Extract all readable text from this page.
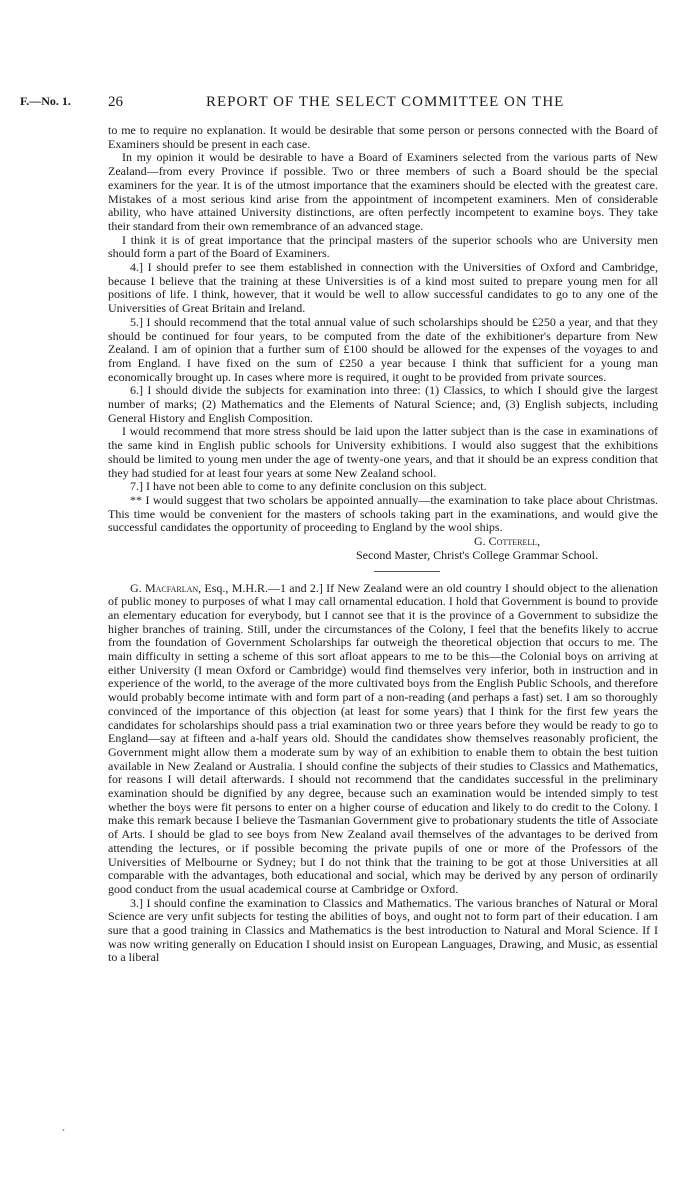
F.—No. 1. 26	REPORT OF THE SELECT COMMITTEE ON THE

to me to require no explanation. It would be desirable that some person or persons connected with the Board of Examiners should be present in each case.

In my opinion it would be desirable to have a Board of Examiners selected from the various parts of New Zealand—from every Province if possible. Two or three members of such a Board should be the special examiners for the year. It is of the utmost importance that the examiners should be elected with the greatest care. Mistakes of a most serious kind arise from the appointment of incompetent examiners. Men of considerable ability, who have attained University distinctions, are often perfectly incompetent to examine boys. They take their standard from their own remembrance of an advanced stage.

I think it is of great importance that the principal masters of the superior schools who are University men should form a part of the Board of Examiners.

4.] I should prefer to see them established in connection with the Universities of Oxford and Cambridge, because I believe that the training at these Universities is of a kind most suited to prepare young men for all positions of life. I think, however, that it would be well to allow successful candidates to go to any one of the Universities of Great Britain and Ireland.

5.] I should recommend that the total annual value of such scholarships should be £250 a year, and that they should be continued for four years, to be computed from the date of the exhibitioner's departure from New Zealand. I am of opinion that a further sum of £100 should be allowed for the expenses of the voyages to and from England. I have fixed on the sum of £250 a year because I think that sufficient for a young man economically brought up. In cases where more is required, it ought to be provided from private sources.

6.] I should divide the subjects for examination into three: (1) Classics, to which I should give the largest number of marks; (2) Mathematics and the Elements of Natural Science; and, (3) English subjects, including General History and English Composition.

I would recommend that more stress should be laid upon the latter subject than is the case in examinations of the same kind in English public schools for University exhibitions. I would also suggest that the exhibitions should be limited to young men under the age of twenty-one years, and that it should be an express condition that they had studied for at least four years at some New Zealand school.

7.] I have not been able to come to any definite conclusion on this subject.

** I would suggest that two scholars be appointed annually—the examination to take place about Christmas. This time would be convenient for the masters of schools taking part in the examinations, and would give the successful candidates the opportunity of proceeding to England by the wool ships.

G. Cotterell,

Second Master, Christ's College Grammar School.

G. Macfarlan, Esq., M.H.R.—1 and 2.] If New Zealand were an old country I should object to the alienation of public money to purposes of what I may call ornamental education. I hold that Government is bound to provide an elementary education for everybody, but I cannot see that it is the province of a Government to subsidize the higher branches of training. Still, under the circumstances of the Colony, I feel that the benefits likely to accrue from the foundation of Government Scholarships far outweigh the theoretical objection that occurs to me. The main difficulty in setting a scheme of this sort afloat appears to me to be this—the Colonial boys on arriving at either University (I mean Oxford or Cambridge) would find themselves very inferior, both in instruction and in experience of the world, to the average of the more cultivated boys from the English Public Schools, and therefore would probably become intimate with and form part of a non-reading (and perhaps a fast) set. I am so thoroughly convinced of the importance of this objection (at least for some years) that I think for the first few years the candidates for scholarships should pass a trial examination two or three years before they would be ready to go to England—say at fifteen and a-half years old. Should the candidates show themselves reasonably proficient, the Government might allow them a moderate sum by way of an exhibition to enable them to obtain the best tuition available in New Zealand or Australia. I should confine the subjects of their studies to Classics and Mathematics, for reasons I will detail afterwards. I should not recommend that the candidates successful in the preliminary examination should be dignified by any degree, because such an examination would be intended simply to test whether the boys were fit persons to enter on a higher course of education and likely to do credit to the Colony. I make this remark because I believe the Tasmanian Government give to probationary students the title of Associate of Arts. I should be glad to see boys from New Zealand avail themselves of the advantages to be derived from attending the lectures, or if possible becoming the private pupils of one or more of the Professors of the Universities of Melbourne or Sydney; but I do not think that the training to be got at those Universities at all comparable with the advantages, both educational and social, which may be derived by any person of ordinarily good conduct from the usual academical course at Cambridge or Oxford.

3.] I should confine the examination to Classics and Mathematics. The various branches of Natural or Moral Science are very unfit subjects for testing the abilities of boys, and ought not to form part of their education. I am sure that a good training in Classics and Mathematics is the best introduction to Natural and Moral Science. If I was now writing generally on Education I should insist on European Languages, Drawing, and Music, as essential to a liberal

•
